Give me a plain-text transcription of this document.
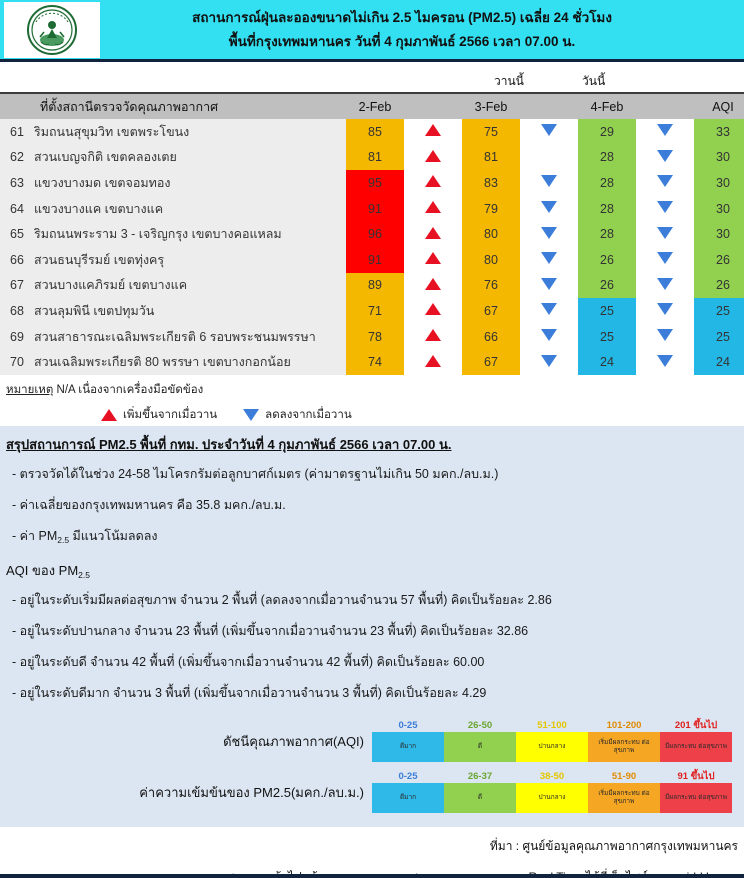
สถานการณ์ฝุ่นละอองขนาดไม่เกิน 2.5 ไมครอน (PM2.5) เฉลี่ย 24 ชั่วโมง
พื้นที่กรุงเทพมหานคร วันที่ 4 กุมภาพันธ์ 2566 เวลา 07.00 น.
วานนี้	วันนี้
	ที่ตั้งสถานีตรวจวัดคุณภาพอากาศ	2-Feb		3-Feb		4-Feb		AQI	
61	ริมถนนสุขุมวิท เขตพระโขนง	85		75		29		33	
62	สวนเบญจกิติ เขตคลองเตย	81		81		28		30	
63	แขวงบางมด เขตจอมทอง	95		83		28		30	
64	แขวงบางแค เขตบางแค	91		79		28		30	
65	ริมถนนพระราม 3 - เจริญกรุง เขตบางคอแหลม	96		80		28		30	
66	สวนธนบุรีรมย์ เขตทุ่งครุ	91		80		26		26	
67	สวนบางแคภิรมย์ เขตบางแค	89		76		26		26	
68	สวนลุมพินี เขตปทุมวัน	71		67		25		25	
69	สวนสาธารณะเฉลิมพระเกียรติ 6 รอบพระชนมพรรษา	78		66		25		25	
70	สวนเฉลิมพระเกียรติ 80 พรรษา เขตบางกอกน้อย	74		67		24		24	
หมายเหตุ N/A เนื่องจากเครื่องมือขัดข้อง
เพิ่มขึ้นจากเมื่อวาน	ลดลงจากเมื่อวาน
สรุปสถานการณ์ PM2.5 พื้นที่ กทม. ประจำวันที่ 4 กุมภาพันธ์ 2566 เวลา 07.00 น.

- ตรวจวัดได้ในช่วง 24-58 ไมโครกรัมต่อลูกบาศก์เมตร (ค่ามาตรฐานไม่เกิน 50 มคก./ลบ.ม.)

- ค่าเฉลี่ยของกรุงเทพมหานคร คือ 35.8 มคก./ลบ.ม.

- ค่า $PM_{2.5}$ มีแนวโน้มลดลง

AQI ของ $PM_{2.5}$

- อยู่ในระดับเริ่มมีผลต่อสุขภาพ จำนวน 2 พื้นที่ (ลดลงจากเมื่อวานจำนวน 57 พื้นที่) คิดเป็นร้อยละ 2.86

- อยู่ในระดับปานกลาง จำนวน 23 พื้นที่ (เพิ่มขึ้นจากเมื่อวานจำนวน 23 พื้นที่) คิดเป็นร้อยละ 32.86

- อยู่ในระดับดี จำนวน 42 พื้นที่ (เพิ่มขึ้นจากเมื่อวานจำนวน 42 พื้นที่) คิดเป็นร้อยละ 60.00

- อยู่ในระดับดีมาก จำนวน 3 พื้นที่ (เพิ่มขึ้นจากเมื่อวานจำนวน 3 พื้นที่) คิดเป็นร้อยละ 4.29

ดัชนีคุณภาพอากาศ(AQI)
0-25
ดีมาก
26-50
ดี
51-100
ปานกลาง
101-200
เริ่มมีผลกระทบ ต่อสุขภาพ
201 ขึ้นไป
มีผลกระทบ ต่อสุขภาพ
ค่าความเข้มข้นของ PM2.5(มคก./ลบ.ม.)
0-25
ดีมาก
26-37
ดี
38-50
ปานกลาง
51-90
เริ่มมีผลกระทบ ต่อสุขภาพ
91 ขึ้นไป
มีผลกระทบ ต่อสุขภาพ
ที่มา : ศูนย์ข้อมูลคุณภาพอากาศกรุงเทพมหานคร
